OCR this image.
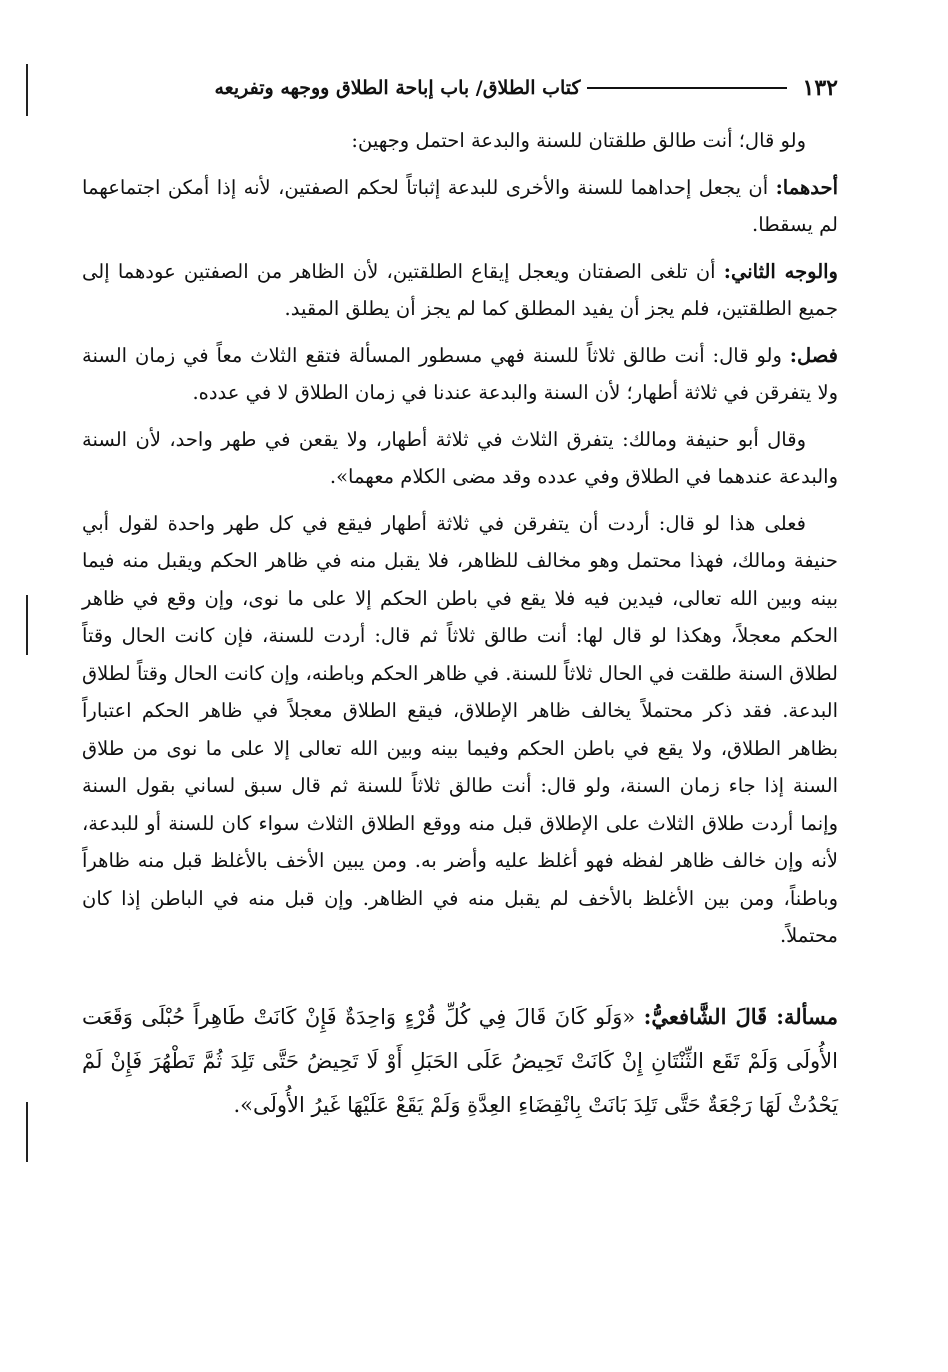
١٣٢
كتاب الطلاق/ باب إباحة الطلاق ووجهه وتفريعه

ولو قال؛ أنت طالق طلقتان للسنة والبدعة احتمل وجهين:

أحدهما: أن يجعل إحداهما للسنة والأخرى للبدعة إثباتاً لحكم الصفتين، لأنه إذا أمكن اجتماعهما لم يسقطا.

والوجه الثاني: أن تلغى الصفتان ويعجل إيقاع الطلقتين، لأن الظاهر من الصفتين عودهما إلى جميع الطلقتين، فلم يجز أن يفيد المطلق كما لم يجز أن يطلق المقيد.

فصل: ولو قال: أنت طالق ثلاثاً للسنة فهي مسطور المسألة فتقع الثلاث معاً في زمان السنة ولا يتفرقن في ثلاثة أطهار؛ لأن السنة والبدعة عندنا في زمان الطلاق لا في عدده.

وقال أبو حنيفة ومالك: يتفرق الثلاث في ثلاثة أطهار، ولا يقعن في طهر واحد، لأن السنة والبدعة عندهما في الطلاق وفي عدده وقد مضى الكلام معهما».

فعلى هذا لو قال: أردت أن يتفرقن في ثلاثة أطهار فيقع في كل طهر واحدة لقول أبي حنيفة ومالك، فهذا محتمل وهو مخالف للظاهر، فلا يقبل منه في ظاهر الحكم ويقبل منه فيما بينه وبين الله تعالى، فيدين فيه فلا يقع في باطن الحكم إلا على ما نوى، وإن وقع في ظاهر الحكم معجلاً، وهكذا لو قال لها: أنت طالق ثلاثاً ثم قال: أردت للسنة، فإن كانت الحال وقتاً لطلاق السنة طلقت في الحال ثلاثاً للسنة. في ظاهر الحكم وباطنه، وإن كانت الحال وقتاً لطلاق البدعة. فقد ذكر محتملاً يخالف ظاهر الإطلاق، فيقع الطلاق معجلاً في ظاهر الحكم اعتباراً بظاهر الطلاق، ولا يقع في باطن الحكم وفيما بينه وبين الله تعالى إلا على ما نوى من طلاق السنة إذا جاء زمان السنة، ولو قال: أنت طالق ثلاثاً للسنة ثم قال سبق لساني بقول السنة وإنما أردت طلاق الثلاث على الإطلاق قبل منه ووقع الطلاق الثلاث سواء كان للسنة أو للبدعة، لأنه وإن خالف ظاهر لفظه فهو أغلظ عليه وأضر به. ومن يبين الأخف بالأغلظ قبل منه ظاهراً وباطناً، ومن بين الأغلظ بالأخف لم يقبل منه في الظاهر. وإن قبل منه في الباطن إذا كان محتملاً.

مسألة: قَالَ الشَّافعيُّ: «وَلَو كَانَ قَالَ فِي كُلِّ قُرْءٍ وَاحِدَةٌ فَإِنْ كَانَتْ طَاهِراً حُبْلَى وَقَعَت الأُولَى وَلَمْ تَقَع الثِّنْتَانِ إِنْ كَانَتْ تَحِيضُ عَلَى الحَبَلِ أَوْ لَا تَحِيضُ حَتَّى تَلِدَ ثُمَّ تَطْهُرَ فَإِنْ لَمْ يَحْدُثْ لَهَا رَجْعَةٌ حَتَّى تَلِدَ بَانَتْ بِانْقِضَاءِ العِدَّةِ وَلَمْ يَقَعْ عَلَيْهَا غَيرُ الأُولَى».
